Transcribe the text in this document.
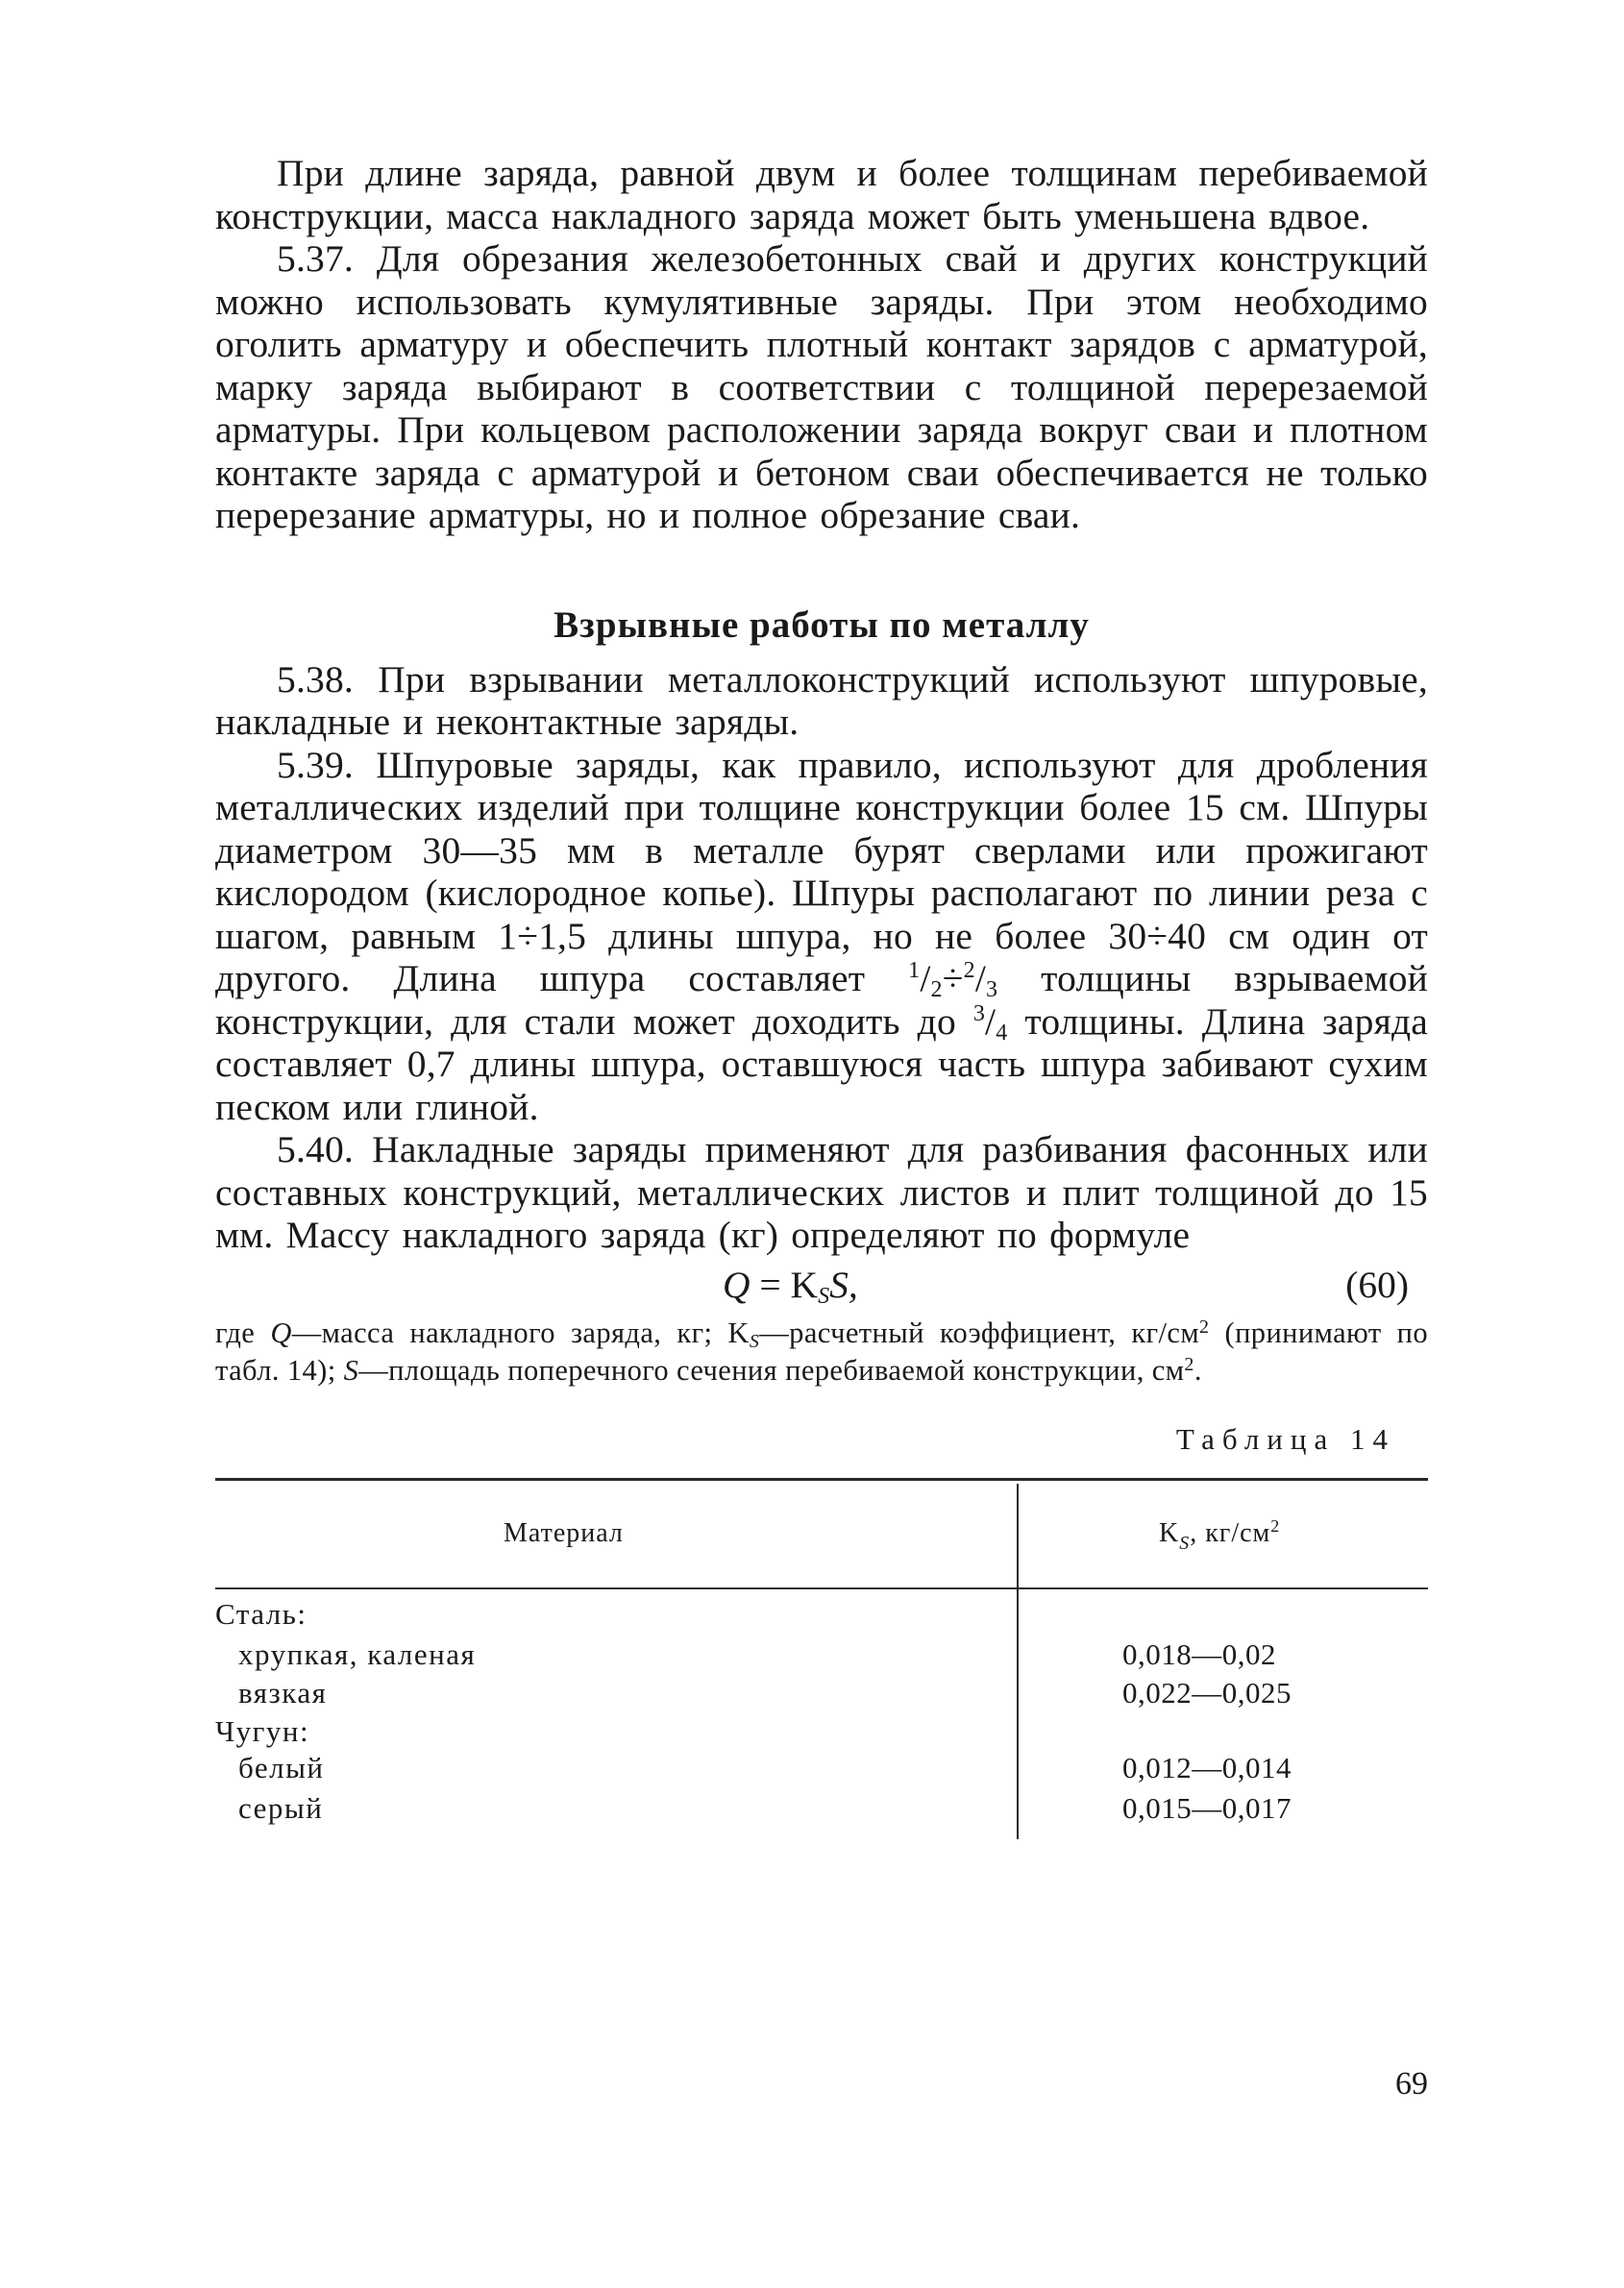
При длине заряда, равной двум и более толщинам перебиваемой конструкции, масса накладного заряда может быть уменьшена вдвое.

5.37. Для обрезания железобетонных свай и других конструкций можно использовать кумулятивные заряды. При этом необходимо оголить арматуру и обеспечить плотный контакт зарядов с арматурой, марку заряда выбирают в соответствии с толщиной перерезаемой арматуры. При кольцевом расположении заряда вокруг сваи и плотном контакте заряда с арматурой и бетоном сваи обеспечивается не только перерезание арматуры, но и полное обрезание сваи.

Взрывные работы по металлу

5.38. При взрывании металлоконструкций используют шпуровые, накладные и неконтактные заряды.

5.39. Шпуровые заряды, как правило, используют для дробления металлических изделий при толщине конструкции более 15 см. Шпуры диаметром 30—35 мм в металле бурят сверлами или прожигают кислородом (кислородное копье). Шпуры располагают по линии реза с шагом, равным 1÷1,5 длины шпура, но не более 30÷40 см один от другого. Длина шпура составляет $^1/_2\div^2/_3$ толщины взрываемой конструкции, для стали может доходить до $^3/_4$ толщины. Длина заряда составляет 0,7 длины шпура, оставшуюся часть шпура забивают сухим песком или глиной.

5.40. Накладные заряды применяют для разбивания фасонных или составных конструкций, металлических листов и плит толщиной до 15 мм. Массу накладного заряда (кг) определяют по формуле

$Q = K_SS$,	(60)

где Q—масса накладного заряда, кг; KS—расчетный коэффициент, $кг/см^2$ (принимают по табл. 14); S—площадь поперечного сечения перебиваемой конструкции, $см^2$.

Таблица 14
Материал	$K_S$, $кг/см^2$
Сталь:
хрупкая, каленая	0,018—0,02
вязкая	0,022—0,025
Чугун:
белый	0,012—0,014
серый	0,015—0,017
69
